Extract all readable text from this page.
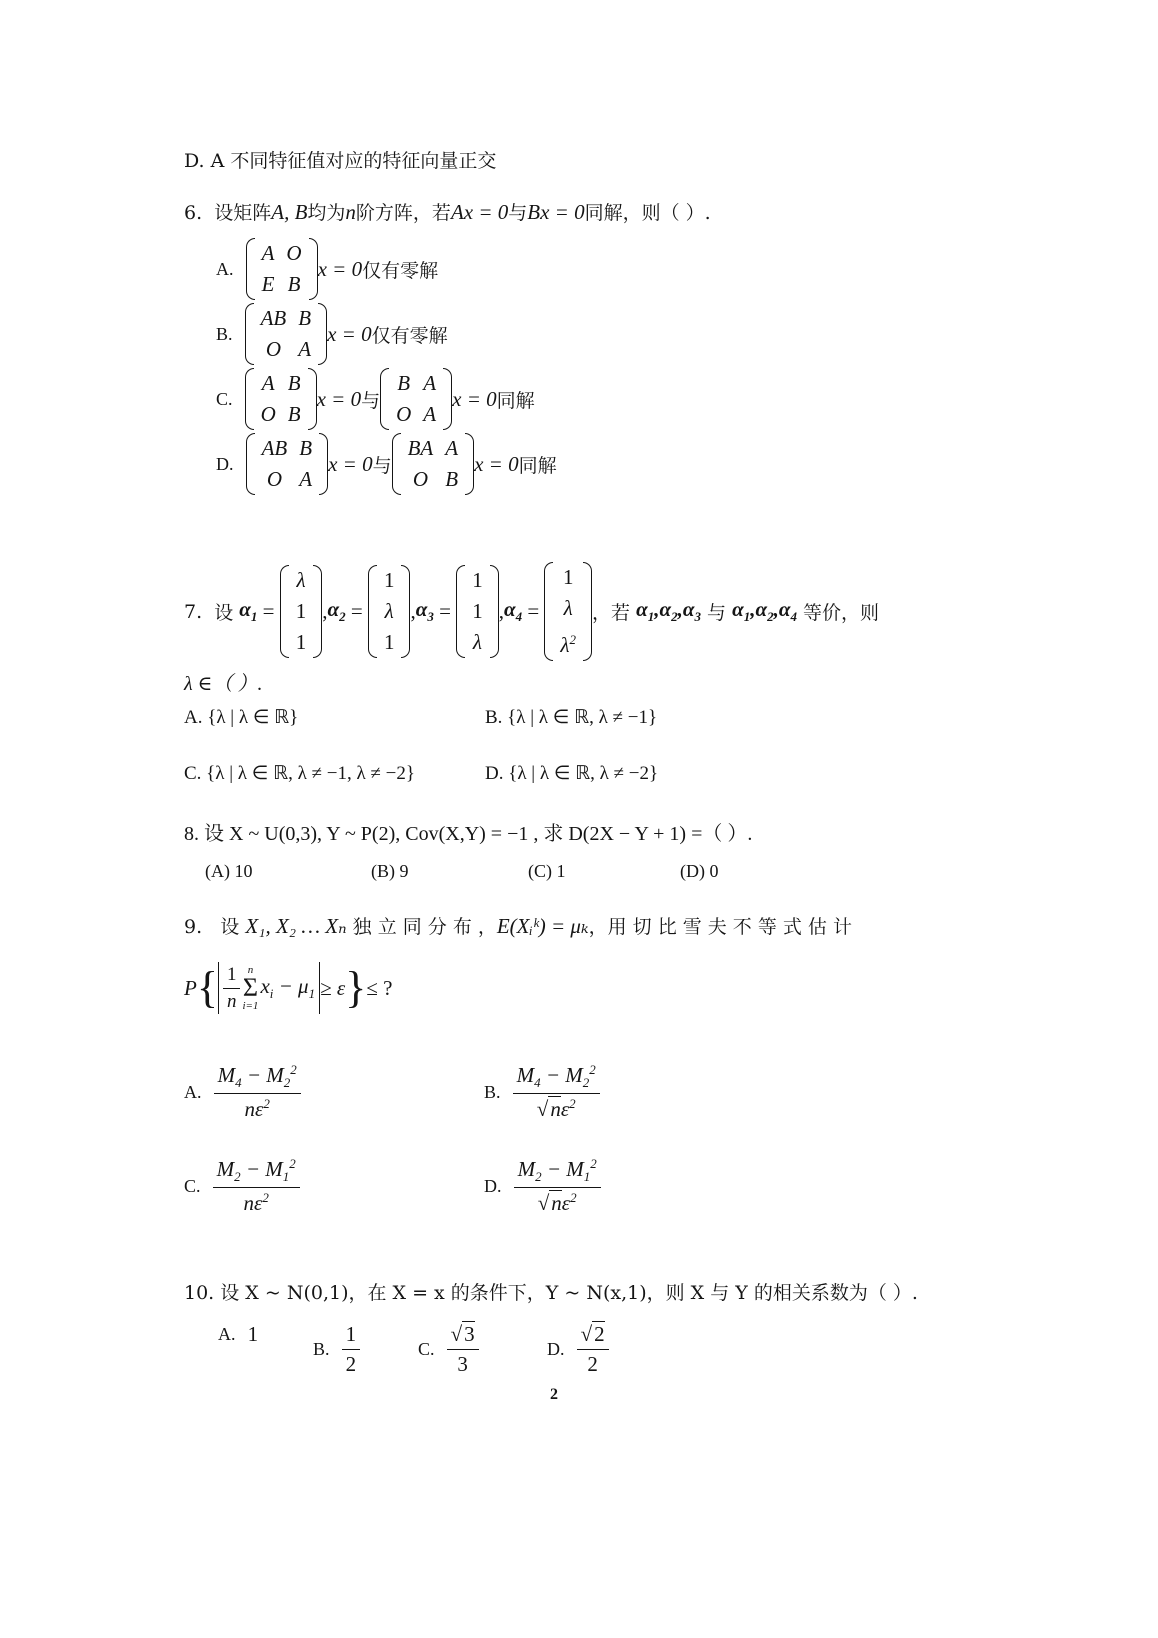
D. A 不同特征值对应的特征向量正交
6. 设矩阵A, B均为n阶方阵，若Ax = 0与Bx = 0同解，则（ ）.
A.

A	O
E	B
x = 0 仅有零解
B.

AB	B
O	A
x = 0 仅有零解
C.

A	B
O	B
x = 0 与
B	A
O	A
x = 0 同解
D.

AB	B
O	A
x = 0 与
BA	A
O	B
x = 0 同解
7.
设
$\alpha_1$ =
λ
1
1
, $\alpha_2$ =
1
λ
1
, $\alpha_3$ =
1
1
λ
, $\alpha_4$ =
1
λ
$\lambda^2$
，若
$\alpha_1,\alpha_2,\alpha_3$
与
$\alpha_1,\alpha_2,\alpha_4$
等价，则
λ ∈（ ）.
A. {λ | λ ∈ ℝ}	B. {λ | λ ∈ ℝ, λ ≠ −1}
C. {λ | λ ∈ ℝ, λ ≠ −1, λ ≠ −2}	D. {λ | λ ∈ ℝ, λ ≠ −2}
8. 设 X ~ U(0,3), Y ~ P(2), Cov(X,Y) = −1 , 求 D(2X − Y + 1) =（ ）.
(A) 10	(B) 9	(C) 1	(D) 0
9. 设 X₁, X₂ … Xₙ 独 立 同 分 布 ，E(Xᵢᵏ) = μₖ，用 切 比 雪 夫 不 等 式 估 计
P { $\frac{1}{n}$ n
Σ
i=1
$x_i - \mu_1 \ge \varepsilon$ } ≤ ?
A.
$\frac{M_4 - M_2^2}{n\varepsilon^2}$	B.
$\frac{M_4 - M_2^2}{√n\varepsilon^2}$
C.
$\frac{M_2 - M_1^2}{n\varepsilon^2}$	D.
$\frac{M_2 - M_1^2}{√n\varepsilon^2}$
10. 设 X ~ N(0,1)，在 X = x 的条件下，Y ~ N(x,1)，则 X 与 Y 的相关系数为（ ）.
A.
1
B.
$\frac{1}{2}$	C.
$\frac{√3}{3}$	D.
$\frac{√2}{2}$
2
